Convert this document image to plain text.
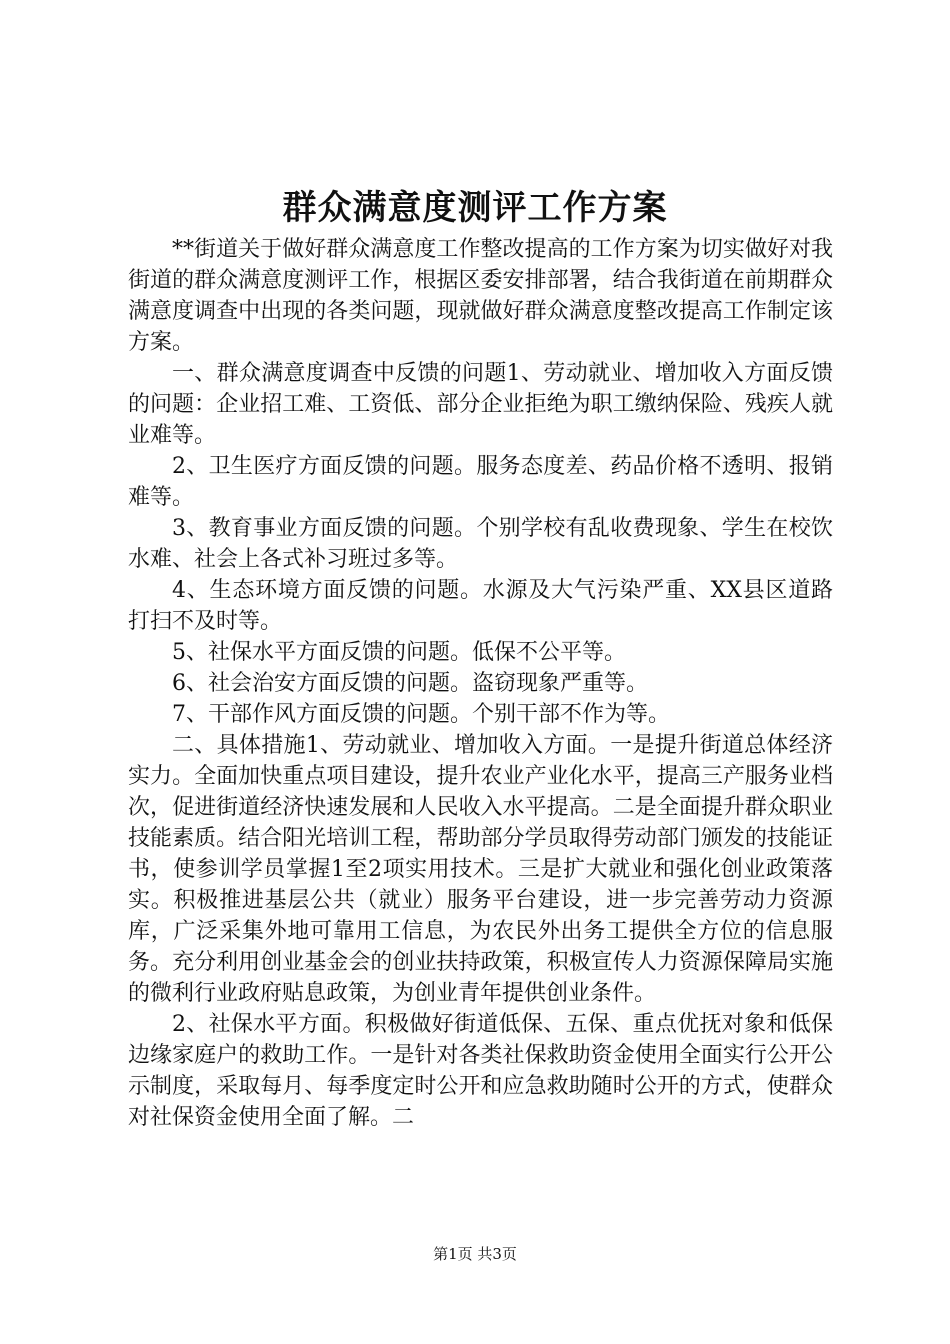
群众满意度测评工作方案

**街道关于做好群众满意度工作整改提高的工作方案为切实做好对我街道的群众满意度测评工作，根据区委安排部署，结合我街道在前期群众满意度调查中出现的各类问题，现就做好群众满意度整改提高工作制定该方案。

一、群众满意度调查中反馈的问题1、劳动就业、增加收入方面反馈的问题：企业招工难、工资低、部分企业拒绝为职工缴纳保险、残疾人就业难等。

2、卫生医疗方面反馈的问题。服务态度差、药品价格不透明、报销难等。

3、教育事业方面反馈的问题。个别学校有乱收费现象、学生在校饮水难、社会上各式补习班过多等。

4、生态环境方面反馈的问题。水源及大气污染严重、XX县区道路打扫不及时等。

5、社保水平方面反馈的问题。低保不公平等。

6、社会治安方面反馈的问题。盗窃现象严重等。

7、干部作风方面反馈的问题。个别干部不作为等。

二、具体措施1、劳动就业、增加收入方面。一是提升街道总体经济实力。全面加快重点项目建设，提升农业产业化水平，提高三产服务业档次，促进街道经济快速发展和人民收入水平提高。二是全面提升群众职业技能素质。结合阳光培训工程，帮助部分学员取得劳动部门颁发的技能证书，使参训学员掌握1至2项实用技术。三是扩大就业和强化创业政策落实。积极推进基层公共（就业）服务平台建设，进一步完善劳动力资源库，广泛采集外地可靠用工信息，为农民外出务工提供全方位的信息服务。充分利用创业基金会的创业扶持政策，积极宣传人力资源保障局实施的微利行业政府贴息政策，为创业青年提供创业条件。

2、社保水平方面。积极做好街道低保、五保、重点优抚对象和低保边缘家庭户的救助工作。一是针对各类社保救助资金使用全面实行公开公示制度，采取每月、每季度定时公开和应急救助随时公开的方式，使群众对社保资金使用全面了解。二

第1页 共3页
